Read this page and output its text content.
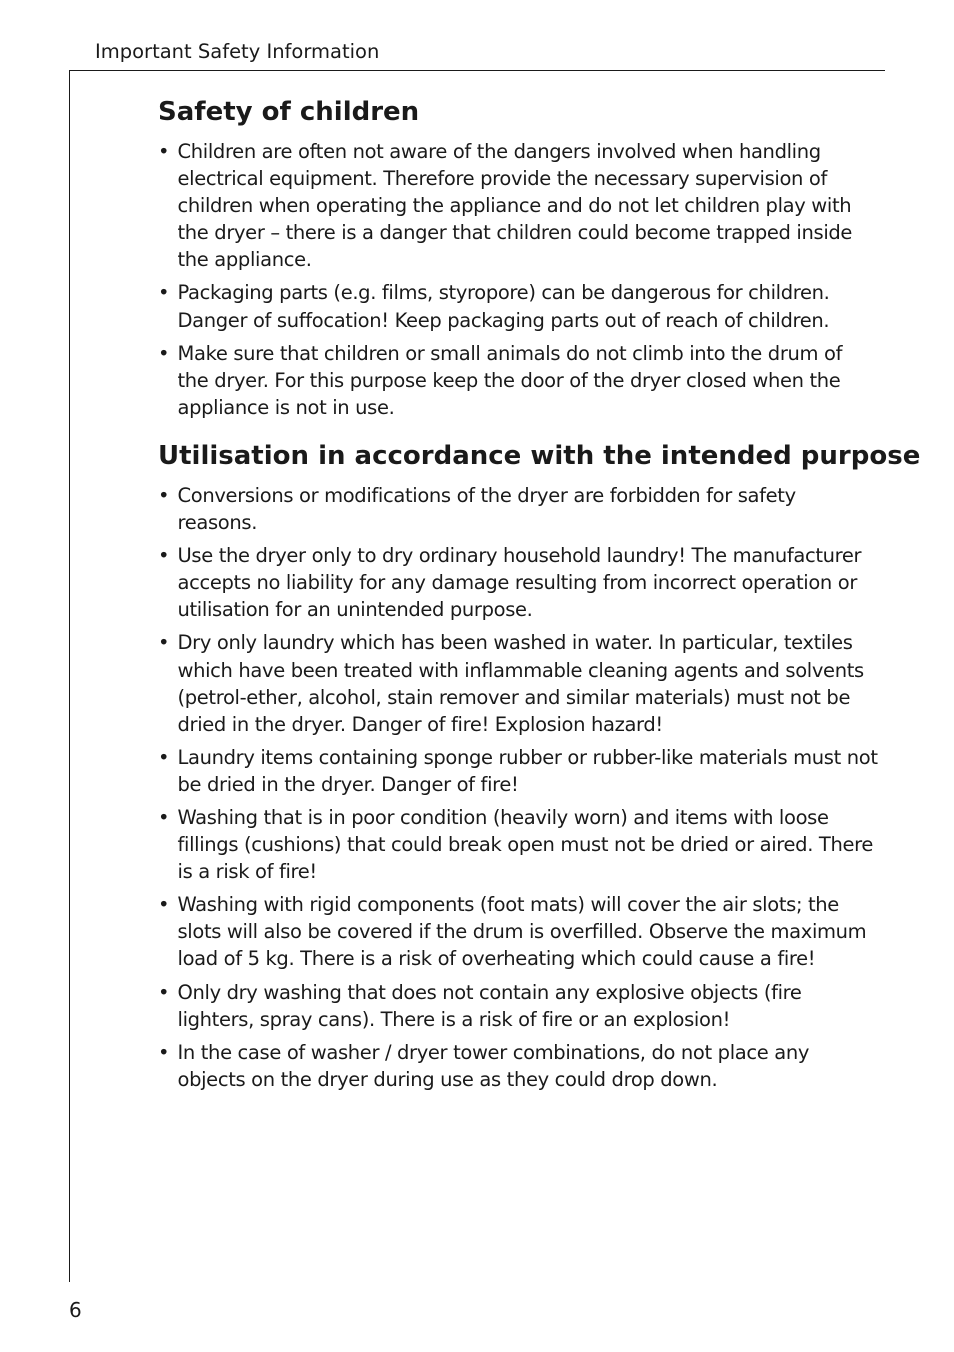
Important Safety Information
Safety of children
• Children are often not aware of the dangers involved when handling electrical equipment. Therefore provide the necessary supervision of children when operating the appliance and do not let children play with the dryer – there is a danger that children could become trapped inside the appliance.
• Packaging parts (e.g. films, styropore) can be dangerous for children. Danger of suffocation! Keep packaging parts out of reach of children.
• Make sure that children or small animals do not climb into the drum of the dryer. For this purpose keep the door of the dryer closed when the appliance is not in use.
Utilisation in accordance with the intended purpose
• Conversions or modifications of the dryer are forbidden for safety reasons.
• Use the dryer only to dry ordinary household laundry! The manufacturer accepts no liability for any damage resulting from incorrect operation or utilisation for an unintended purpose.
• Dry only laundry which has been washed in water. In particular, textiles which have been treated with inflammable cleaning agents and solvents (petrol-ether, alcohol, stain remover and similar materials) must not be dried in the dryer. Danger of fire! Explosion hazard!
• Laundry items containing sponge rubber or rubber-like materials must not be dried in the dryer. Danger of fire!
• Washing that is in poor condition (heavily worn) and items with loose fillings (cushions) that could break open must not be dried or aired. There is a risk of fire!
• Washing with rigid components (foot mats) will cover the air slots; the slots will also be covered if the drum is overfilled. Observe the maximum load of 5 kg. There is a risk of overheating which could cause a fire!
• Only dry washing that does not contain any explosive objects (fire lighters, spray cans). There is a risk of fire or an explosion!
• In the case of washer / dryer tower combinations, do not place any objects on the dryer during use as they could drop down.
6
